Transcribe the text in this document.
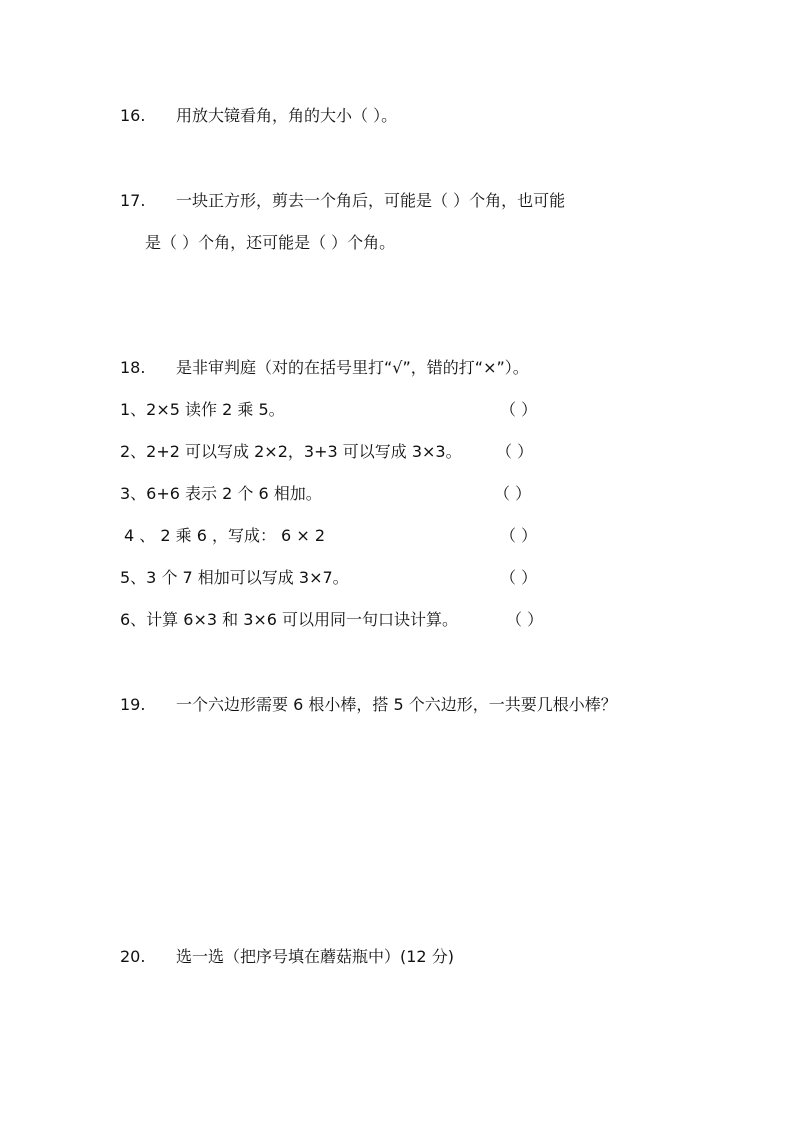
16. 用放大镜看角，角的大小（ ）。
17. 一块正方形，剪去一个角后，可能是（ ）个角，也可能
是（ ）个角，还可能是（ ）个角。
18. 是非审判庭（对的在括号里打“√”，错的打“×”）。
1、2×5 读作 2 乘 5。	（ ）
2、2+2 可以写成 2×2，3+3 可以写成 3×3。 （ ）
3、6+6 表示 2 个 6 相加。	（ ）
4 、 2 乘 6 ，写成： 6 × 2	（ ）
5、3 个 7 相加可以写成 3×7。	（ ）
6、计算 6×3 和 3×6 可以用同一句口诀计算。	（ ）
19. 一个六边形需要 6 根小棒，搭 5 个六边形，一共要几根小棒？
20. 选一选（把序号填在蘑菇瓶中）(12 分)
